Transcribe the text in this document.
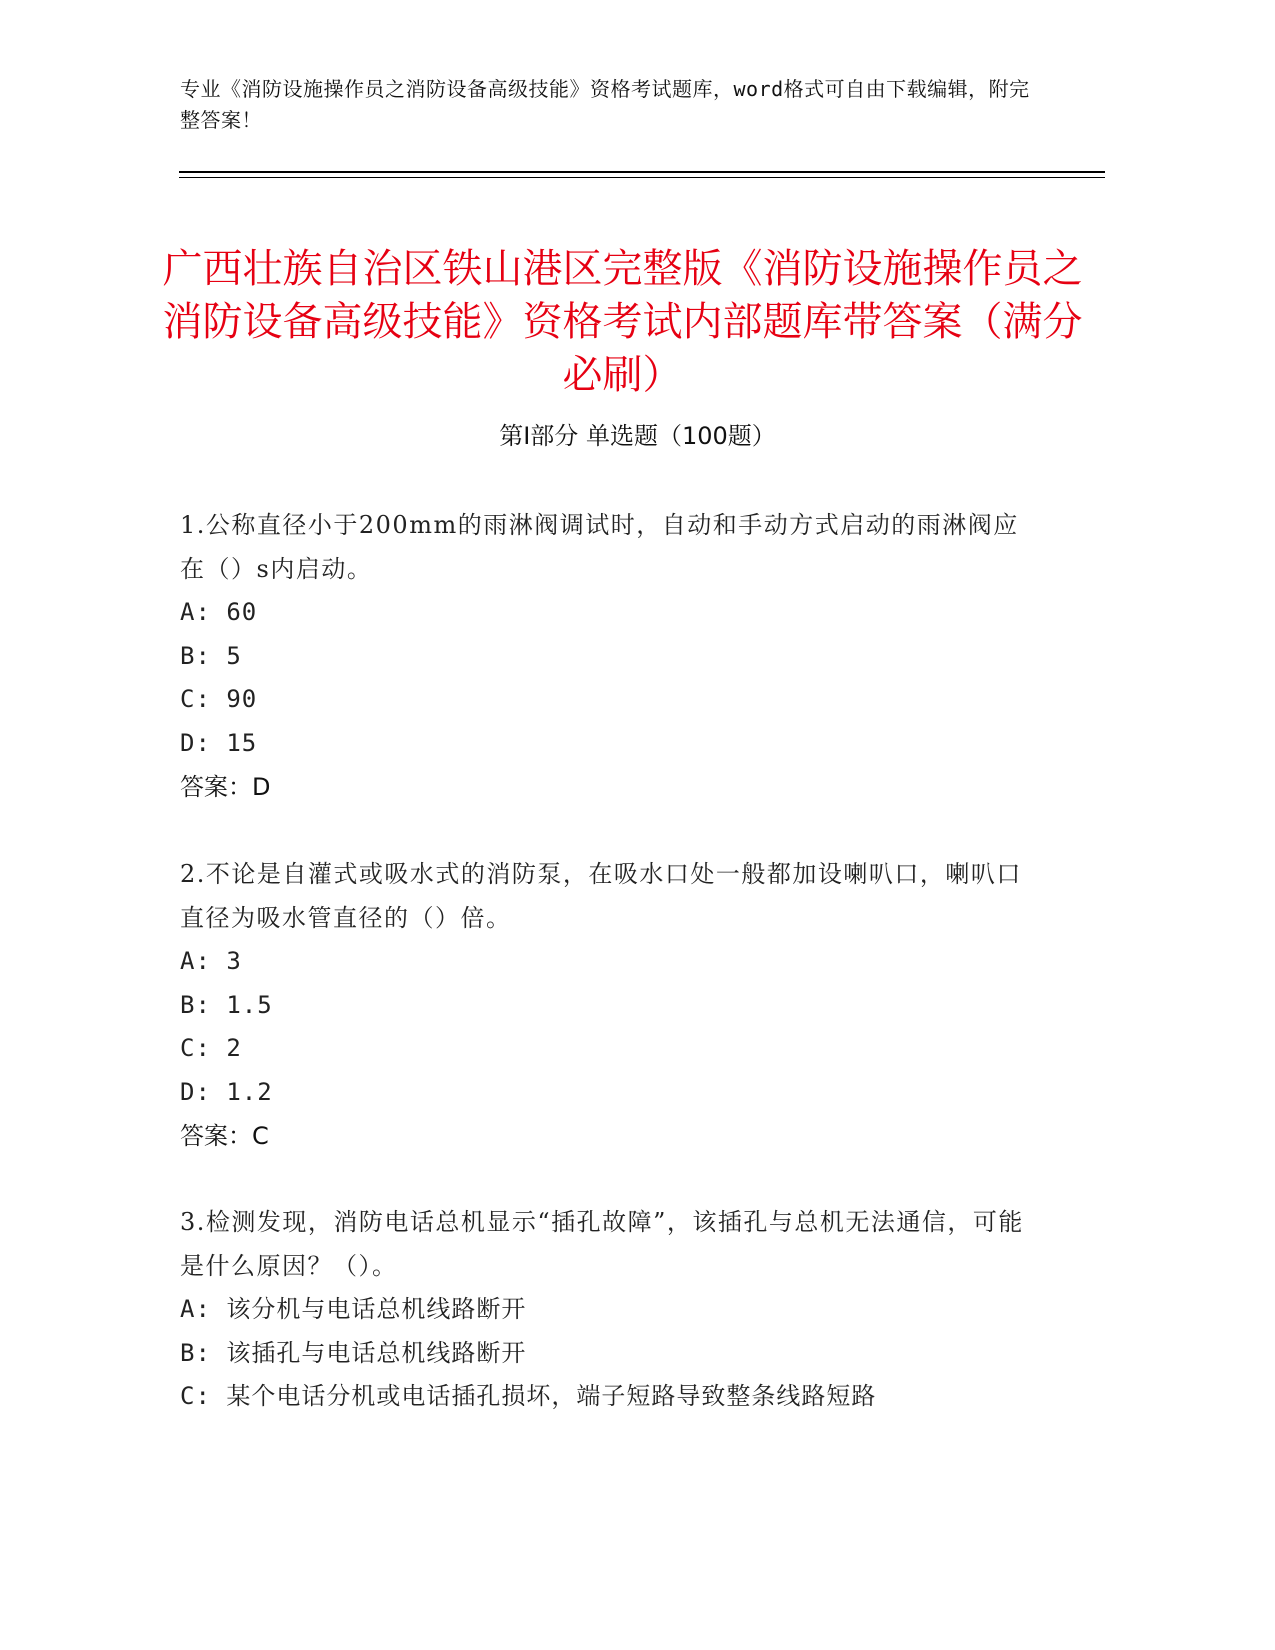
专业《消防设施操作员之消防设备高级技能》资格考试题库，word格式可自由下载编辑，附完整答案！
广西壮族自治区铁山港区完整版《消防设施操作员之消防设备高级技能》资格考试内部题库带答案（满分必刷）
第Ⅰ部分 单选题（100题）

1.公称直径小于200mm的雨淋阀调试时，自动和手动方式启动的雨淋阀应在（）s内启动。

A: 60

B: 5

C: 90

D: 15

答案：D

2.不论是自灌式或吸水式的消防泵，在吸水口处一般都加设喇叭口，喇叭口直径为吸水管直径的（）倍。

A: 3

B: 1.5

C: 2

D: 1.2

答案：C

3.检测发现，消防电话总机显示“插孔故障”，该插孔与总机无法通信，可能是什么原因？（）。

A: 该分机与电话总机线路断开

B: 该插孔与电话总机线路断开

C: 某个电话分机或电话插孔损坏，端子短路导致整条线路短路
